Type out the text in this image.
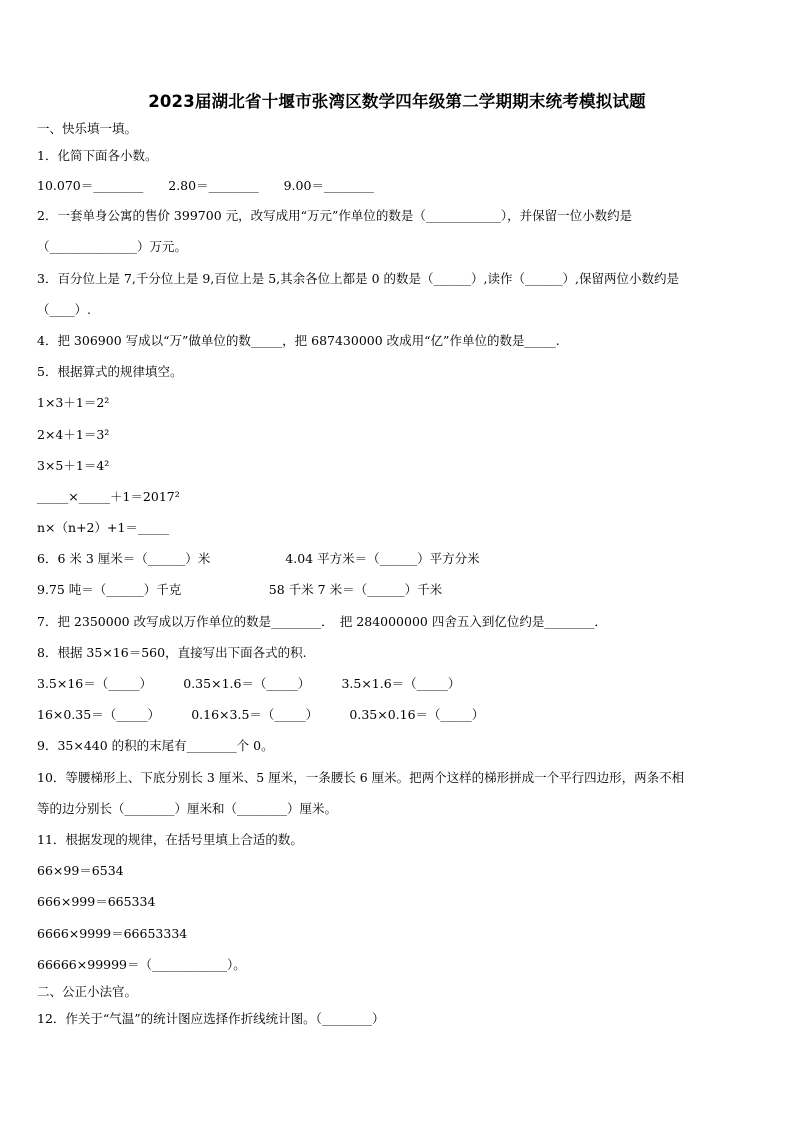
2023届湖北省十堰市张湾区数学四年级第二学期期末统考模拟试题
一、快乐填一填。
1．化简下面各小数。
10.070＝________　　2.80＝________　　9.00＝________
2．一套单身公寓的售价 399700 元，改写成用“万元”作单位的数是（____________），并保留一位小数约是
（______________）万元。
3．百分位上是 7,千分位上是 9,百位上是 5,其余各位上都是 0 的数是（______）,读作（______）,保留两位小数约是
（____）.
4．把 306900 写成以“万”做单位的数_____，把 687430000 改成用“亿”作单位的数是_____.
5．根据算式的规律填空。
1×3＋1＝2²
2×4＋1＝3²
3×5＋1＝4²
_____×_____＋1＝2017²
n×（n+2）+1＝_____
6．6 米 3 厘米＝（______）米　　　　　　4.04 平方米＝（______）平方分米
9.75 吨＝（______）千克　　　　　　　58 千米 7 米＝（______）千米
7．把 2350000 改写成以万作单位的数是________．　把 284000000 四舍五入到亿位约是________．
8．根据 35×16＝560，直接写出下面各式的积.
3.5×16＝（_____）　　　0.35×1.6＝（_____）　　　3.5×1.6＝（_____）
16×0.35＝（_____）　　　0.16×3.5＝（_____）　　　0.35×0.16＝（_____）
9．35×440 的积的末尾有________个 0。
10．等腰梯形上、下底分别长 3 厘米、5 厘米，一条腰长 6 厘米。把两个这样的梯形拼成一个平行四边形，两条不相
等的边分别长（________）厘米和（________）厘米。
11．根据发现的规律，在括号里填上合适的数。
66×99＝6534
666×999＝665334
6666×9999＝66653334
66666×99999＝（____________）。
二、公正小法官。
12．作关于“气温”的统计图应选择作折线统计图。（________）
